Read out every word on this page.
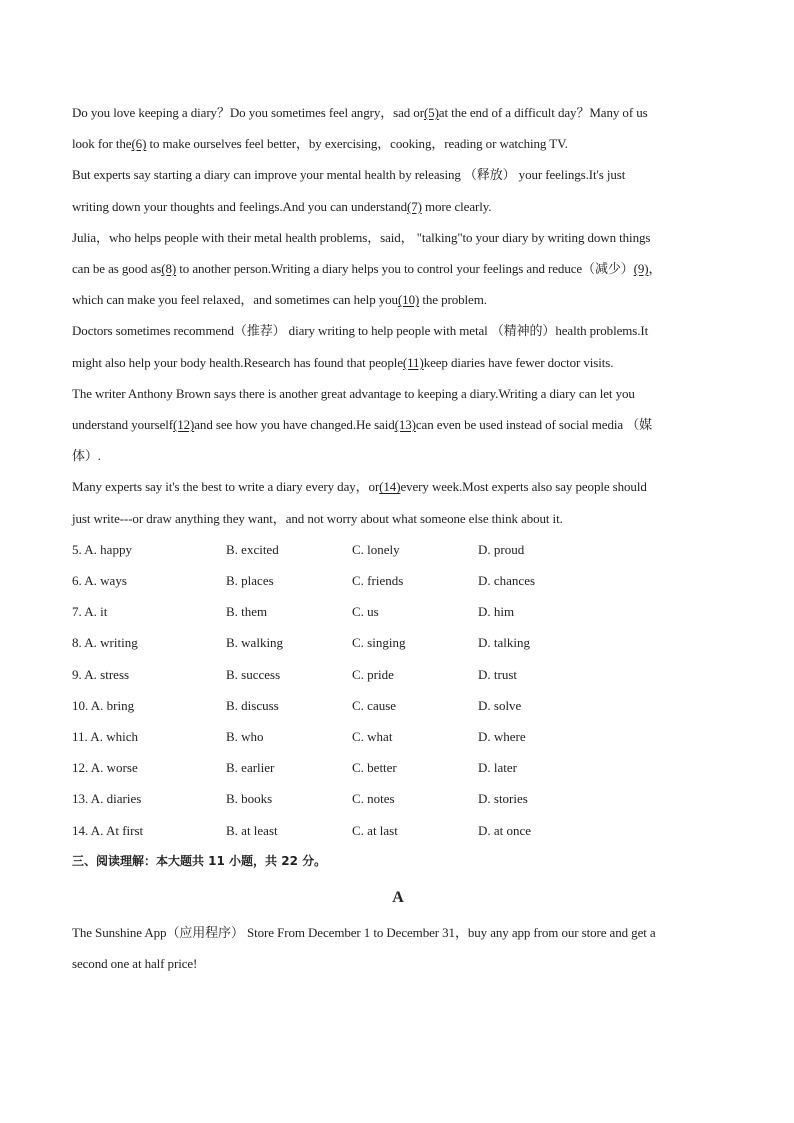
Do you love keeping a diary？Do you sometimes feel angry，sad or(5)at the end of a difficult day？Many of us
look for the(6) to make ourselves feel better，by exercising，cooking，reading or watching TV.
But experts say starting a diary can improve your mental health by releasing （释放） your feelings.It's just
writing down your thoughts and feelings.And you can understand(7) more clearly.
Julia，who helps people with their metal health problems，said， "talking"to your diary by writing down things
can be as good as(8) to another person.Writing a diary helps you to control your feelings and reduce（减少）(9)，
which can make you feel relaxed，and sometimes can help you(10) the problem.
Doctors sometimes recommend（推荐） diary writing to help people with metal （精神的）health problems.It
might also help your body health.Research has found that people(11)keep diaries have fewer doctor visits.
The writer Anthony Brown says there is another great advantage to keeping a diary.Writing a diary can let you
understand yourself(12)and see how you have changed.He said(13)can even be used instead of social media （媒
体）.
Many experts say it's the best to write a diary every day，or(14)every week.Most experts also say people should
just write---or draw anything they want，and not worry about what someone else think about it.
5. A. happy	B. excited	C. lonely	D. proud
6. A. ways	B. places	C. friends	D. chances
7. A. it	B. them	C. us	D. him
8. A. writing	B. walking	C. singing	D. talking
9. A. stress	B. success	C. pride	D. trust
10. A. bring	B. discuss	C. cause	D. solve
11. A. which	B. who	C. what	D. where
12. A. worse	B. earlier	C. better	D. later
13. A. diaries	B. books	C. notes	D. stories
14. A. At first	B. at least	C. at last	D. at once
三、阅读理解：本大题共 11 小题，共 22 分。
A
The Sunshine App（应用程序） Store From December 1 to December 31，buy any app from our store and get a
second one at half price!
